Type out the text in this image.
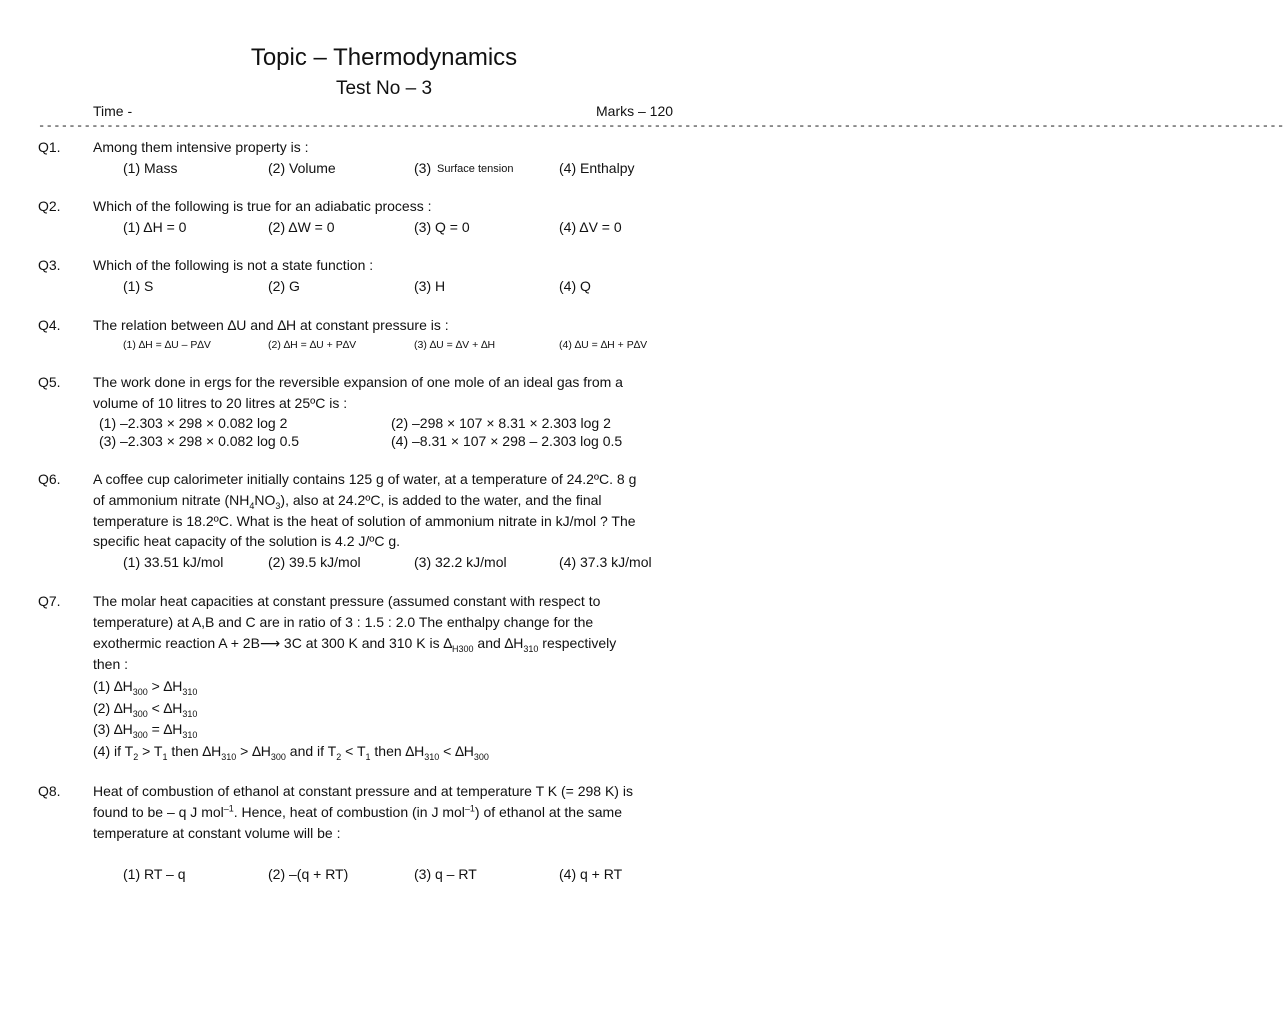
Topic – Thermodynamics
Test No – 3
Time -	Marks – 120
--------------------------------------------------------------------------------------------------------------------------------------------------------------------
Q1. Among them intensive property is :
(1) Mass	(2) Volume	(3) Surface tension	(4) Enthalpy
Q2. Which of the following is true for an adiabatic process :
(1) ΔH = 0	(2) ΔW = 0	(3) Q = 0	(4) ΔV = 0
Q3. Which of the following is not a state function :
(1) S	(2) G	(3) H	(4) Q
Q4. The relation between ∆U and ∆H at constant pressure is :
(1) ∆H = ∆U – P∆V	(2) ∆H = ∆U + P∆V	(3) ∆U = ∆V + ∆H	(4) ∆U = ∆H + P∆V
Q5. The work done in ergs for the reversible expansion of one mole of an ideal gas from a
volume of 10 litres to 20 litres at 25ºC is :
(1) –2.303 × 298 × 0.082 log 2	(2) –298 × 107 × 8.31 × 2.303 log 2
(3) –2.303 × 298 × 0.082 log 0.5	(4) –8.31 × 107 × 298 – 2.303 log 0.5
Q6. A coffee cup calorimeter initially contains 125 g of water, at a temperature of 24.2ºC. 8 g
of ammonium nitrate $(NH_4NO_3)$, also at 24.2ºC, is added to the water, and the final
temperature is 18.2ºC. What is the heat of solution of ammonium nitrate in kJ/mol ? The
specific heat capacity of the solution is 4.2 J/ºC g.
(1) 33.51 kJ/mol	(2) 39.5 kJ/mol	(3) 32.2 kJ/mol	(4) 37.3 kJ/mol
Q7. The molar heat capacities at constant pressure (assumed constant with respect to
temperature) at A,B and C are in ratio of 3 : 1.5 : 2.0 The enthalpy change for the
exothermic reaction A + 2B⟶ 3C at 300 K and 310 K is $\Delta_{H300}$ and $\Delta H_{310}$ respectively
then :
(1) $\Delta H_{300} > \Delta H_{310}$
(2) $\Delta H_{300} < \Delta H_{310}$
(3) $\Delta H_{300} = \Delta H_{310}$
(4) if $T_2 > T_1$ then $\Delta H_{310} > \Delta H_{300}$ and if $T_2 < T_1$ then $\Delta H_{310} < \Delta H_{300}$
Q8. Heat of combustion of ethanol at constant pressure and at temperature T K (= 298 K) is
found to be – q J mol$^{-1}$. Hence, heat of combustion (in J mol$^{-1}$) of ethanol at the same
temperature at constant volume will be :
(1) RT – q	(2) –(q + RT)	(3) q – RT	(4) q + RT
